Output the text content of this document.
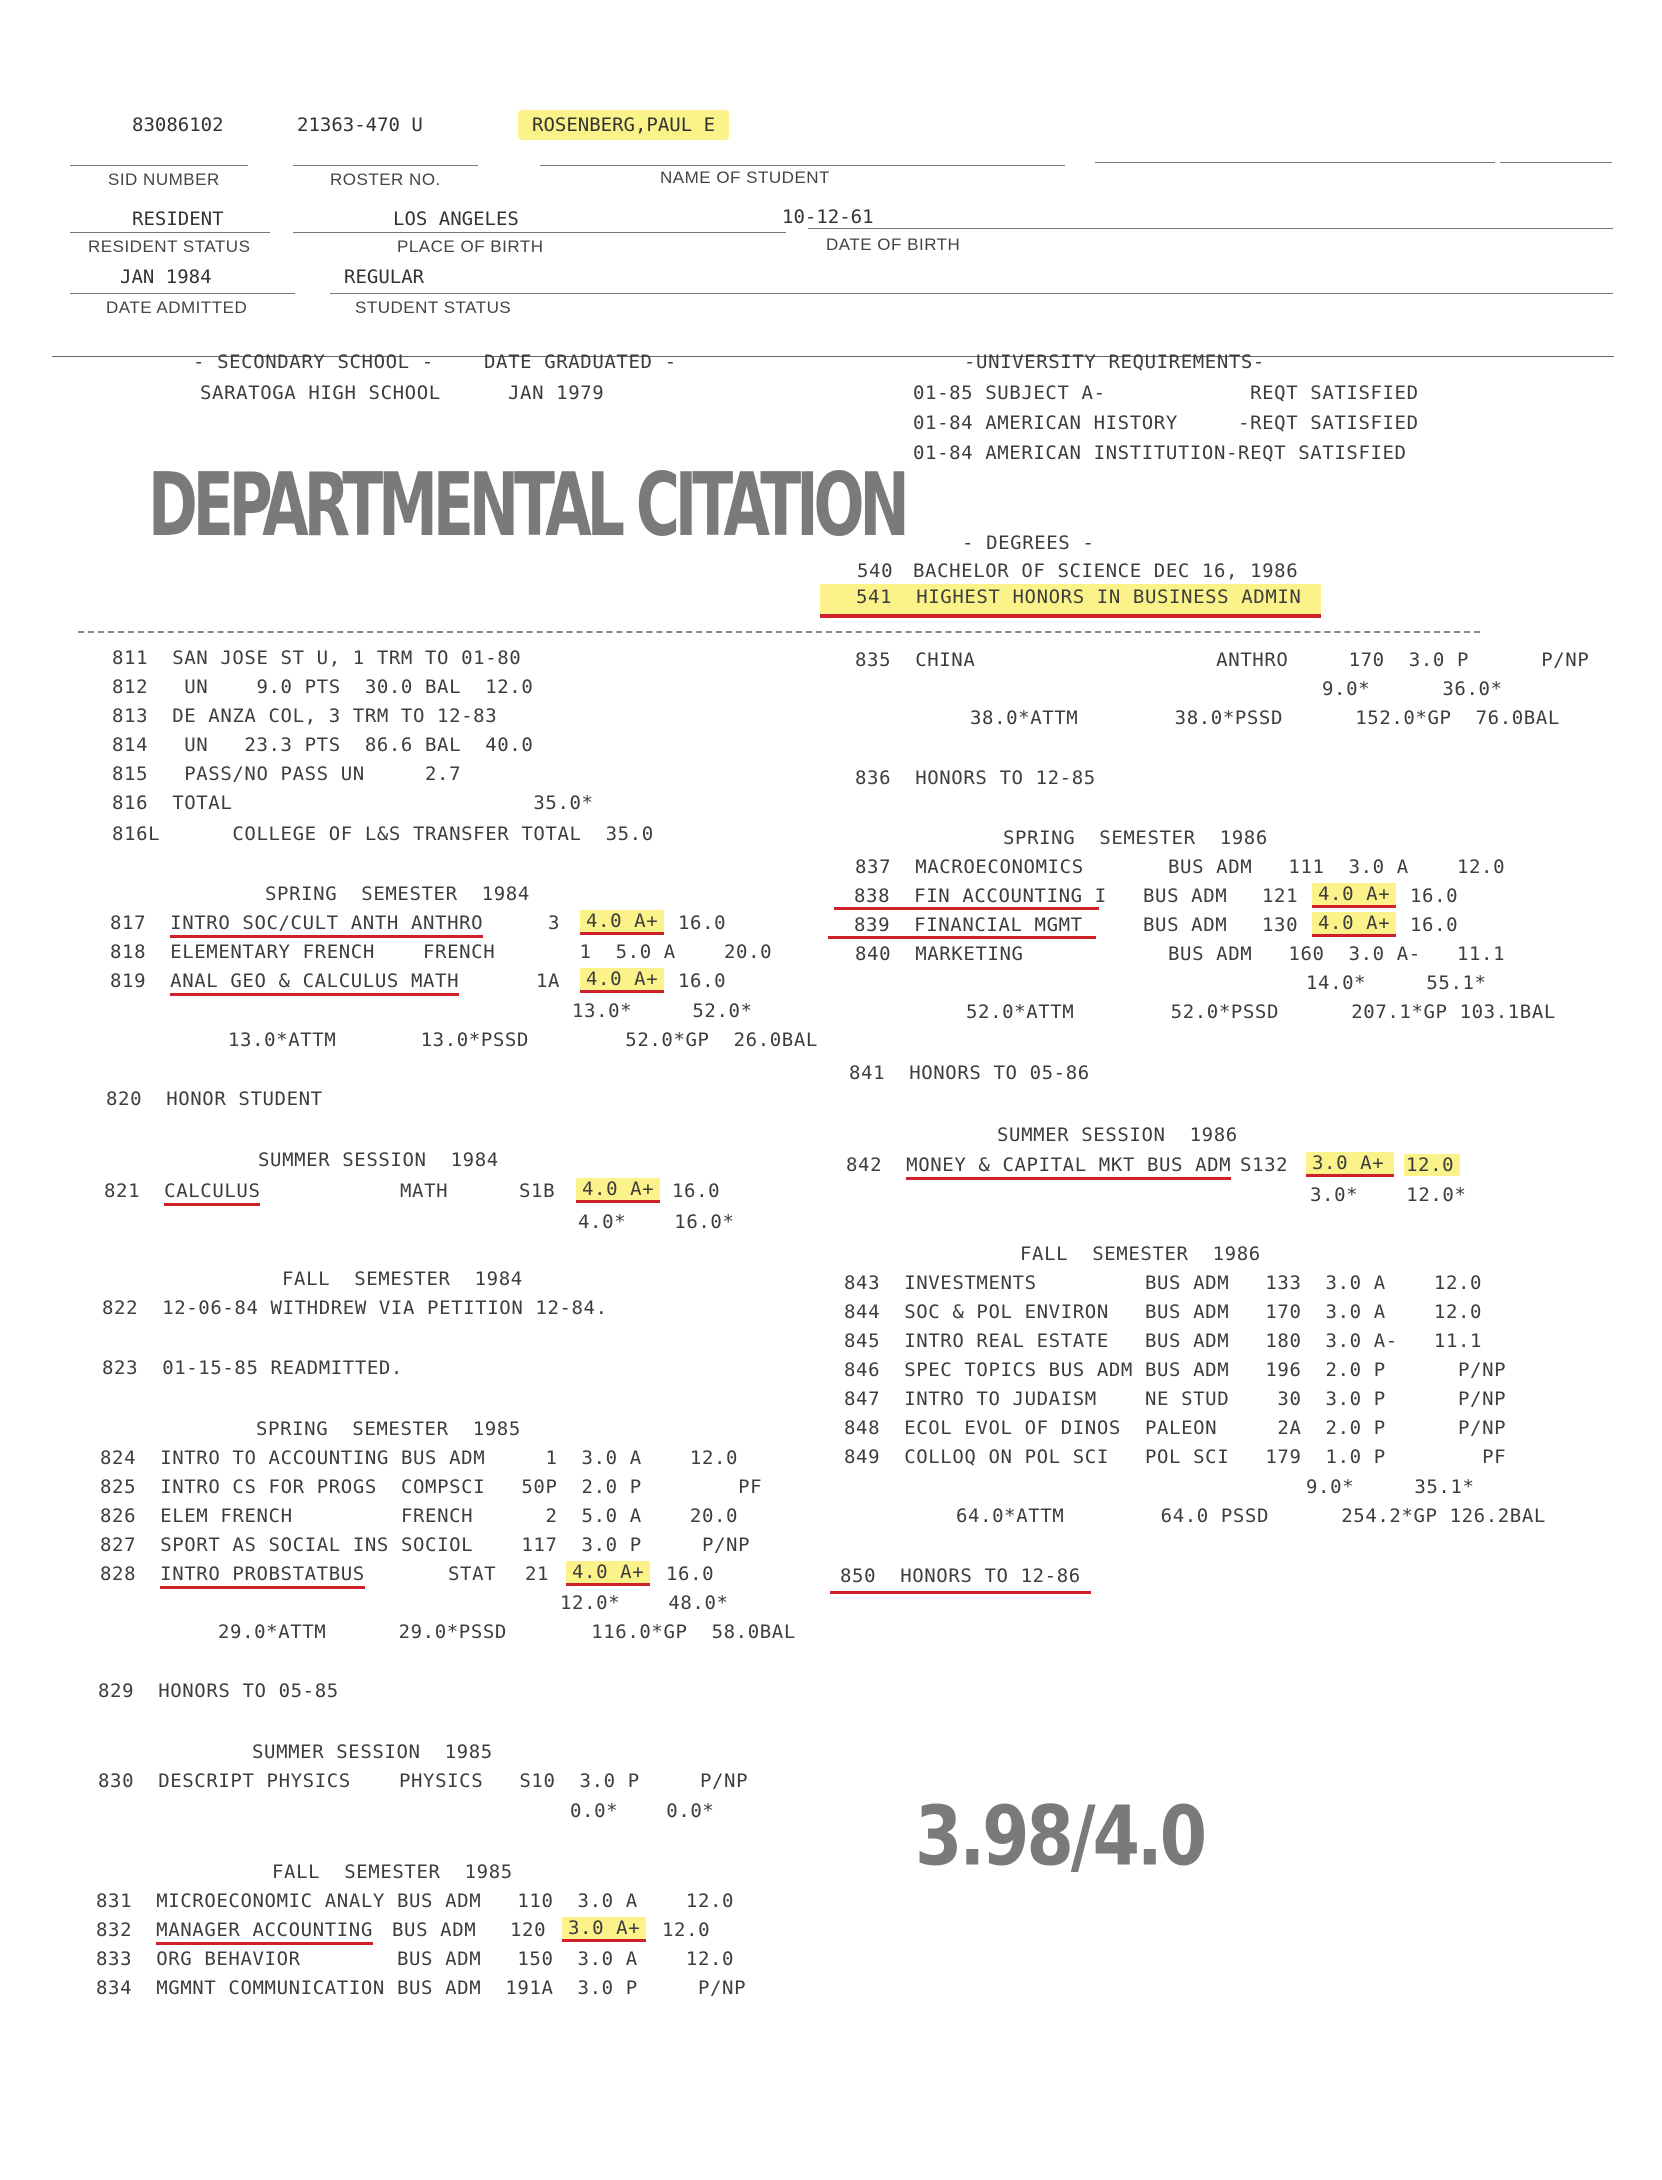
83086102	21363-470 U	ROSENBERG,PAUL E
SID NUMBER	ROSTER NO.	NAME OF STUDENT
RESIDENT	LOS ANGELES	10-12-61
RESIDENT STATUS	PLACE OF BIRTH	DATE OF BIRTH
JAN 1984	REGULAR
DATE ADMITTED	STUDENT STATUS
- SECONDARY SCHOOL -	DATE GRADUATED -
SARATOGA HIGH SCHOOL	JAN 1979
-UNIVERSITY REQUIREMENTS-
01-85 SUBJECT A-            REQT SATISFIED
01-84 AMERICAN HISTORY     -REQT SATISFIED
01-84 AMERICAN INSTITUTION-REQT SATISFIED
DEPARTMENTAL CITATION	- DEGREES -
540 BACHELOR OF SCIENCE DEC 16, 1986
541 HIGHEST HONORS IN BUSINESS ADMIN
811  SAN JOSE ST U, 1 TRM TO 01-80
812   UN    9.0 PTS  30.0 BAL  12.0
813  DE ANZA COL, 3 TRM TO 12-83
814   UN   23.3 PTS  86.6 BAL  40.0
815   PASS/NO PASS UN     2.7
816  TOTAL                         35.0*
816L      COLLEGE OF L&S TRANSFER TOTAL  35.0
SPRING  SEMESTER  1984
817 INTRO SOC/CULT ANTH ANTHRO	3	4.0 A+	16.0
818  ELEMENTARY FRENCH    FRENCH       1  5.0 A    20.0
819 ANAL GEO & CALCULUS MATH	1A	4.0 A+	16.0
13.0*     52.0*
13.0*ATTM       13.0*PSSD        52.0*GP  26.0BAL
820  HONOR STUDENT
SUMMER SESSION  1984
821 CALCULUS	MATH	S1B	4.0 A+ 16.0
4.0*    16.0*
FALL  SEMESTER  1984
822  12-06-84 WITHDREW VIA PETITION 12-84.
823  01-15-85 READMITTED.
SPRING  SEMESTER  1985
824  INTRO TO ACCOUNTING BUS ADM     1  3.0 A    12.0
825  INTRO CS FOR PROGS  COMPSCI   50P  2.0 P        PF
826  ELEM FRENCH         FRENCH      2  5.0 A    20.0
827  SPORT AS SOCIAL INS SOCIOL    117  3.0 P     P/NP
828 INTRO PROBSTATBUS	STAT 21	4.0 A+	16.0
12.0*    48.0*
29.0*ATTM      29.0*PSSD       116.0*GP  58.0BAL
829  HONORS TO 05-85
SUMMER SESSION  1985
830  DESCRIPT PHYSICS    PHYSICS   S10  3.0 P     P/NP
0.0*    0.0*
FALL  SEMESTER  1985
831  MICROECONOMIC ANALY BUS ADM   110  3.0 A    12.0
832 MANAGER ACCOUNTING BUS ADM 120	3.0 A+	12.0
833  ORG BEHAVIOR        BUS ADM   150  3.0 A    12.0
834  MGMNT COMMUNICATION BUS ADM  191A  3.0 P     P/NP
835  CHINA                    ANTHRO     170  3.0 P      P/NP
9.0*      36.0*
38.0*ATTM        38.0*PSSD      152.0*GP  76.0BAL
836  HONORS TO 12-85
SPRING  SEMESTER  1986
837  MACROECONOMICS       BUS ADM   111  3.0 A    12.0
838 FIN ACCOUNTING I BUS ADM 121	4.0 A+	16.0
839 FINANCIAL MGMT	BUS ADM 130	4.0 A+	16.0
840  MARKETING            BUS ADM   160  3.0 A-   11.1
14.0*     55.1*
52.0*ATTM        52.0*PSSD      207.1*GP 103.1BAL
841  HONORS TO 05-86
SUMMER SESSION  1986
842 MONEY & CAPITAL MKT BUS ADM S132	3.0 A+	12.0
3.0*    12.0*
FALL  SEMESTER  1986
843  INVESTMENTS         BUS ADM   133  3.0 A    12.0
844  SOC & POL ENVIRON   BUS ADM   170  3.0 A    12.0
845  INTRO REAL ESTATE   BUS ADM   180  3.0 A-   11.1
846  SPEC TOPICS BUS ADM BUS ADM   196  2.0 P      P/NP
847  INTRO TO JUDAISM    NE STUD    30  3.0 P      P/NP
848  ECOL EVOL OF DINOS  PALEON     2A  2.0 P      P/NP
849  COLLOQ ON POL SCI   POL SCI   179  1.0 P        PF
9.0*     35.1*
64.0*ATTM        64.0 PSSD      254.2*GP 126.2BAL
850  HONORS TO 12-86
3.98/4.0
